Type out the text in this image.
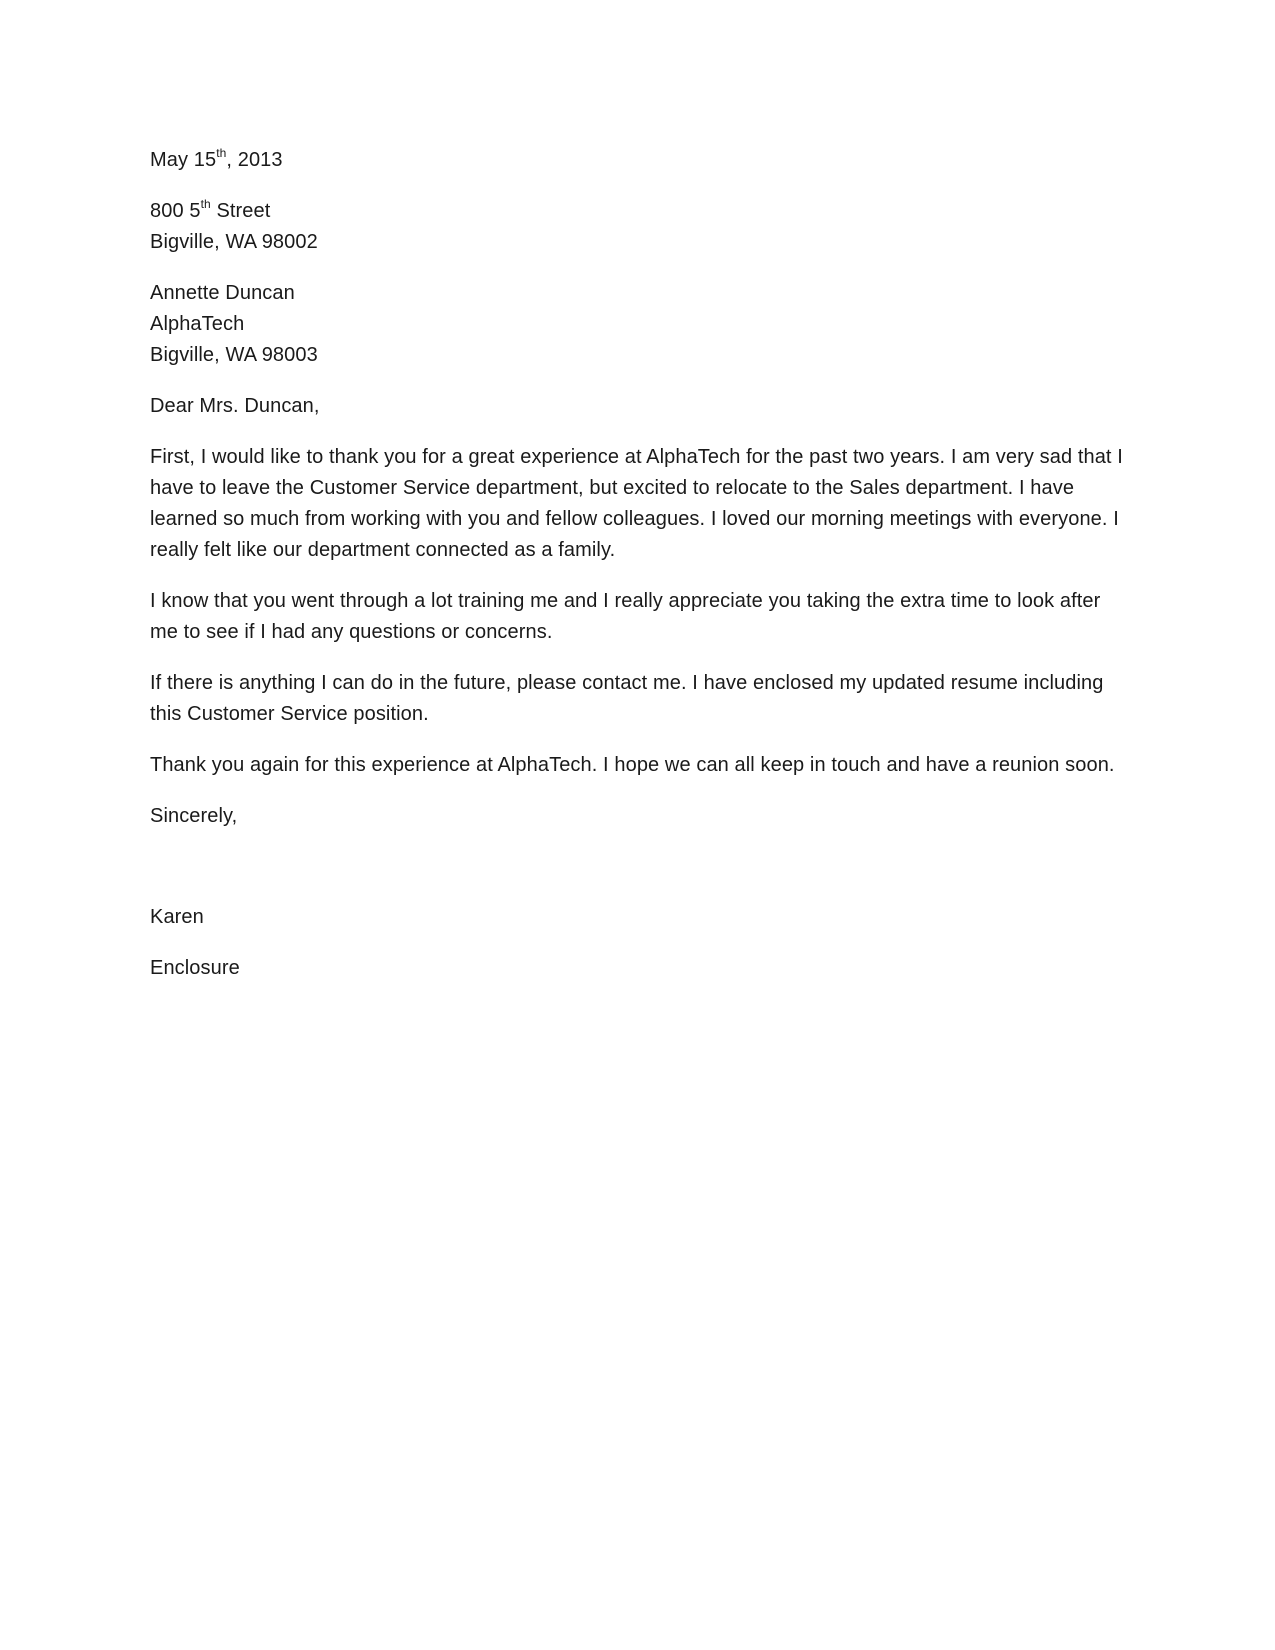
May 15th, 2013
800 5th Street
Bigville, WA 98002
Annette Duncan
AlphaTech
Bigville, WA 98003
Dear Mrs. Duncan,

First, I would like to thank you for a great experience at AlphaTech for the past two years. I am very sad that I have to leave the Customer Service department, but excited to relocate to the Sales department. I have learned so much from working with you and fellow colleagues. I loved our morning meetings with everyone. I really felt like our department connected as a family.

I know that you went through a lot training me and I really appreciate you taking the extra time to look after me to see if I had any questions or concerns.

If there is anything I can do in the future, please contact me. I have enclosed my updated resume including this Customer Service position.

Thank you again for this experience at AlphaTech. I hope we can all keep in touch and have a reunion soon.

Sincerely,
Karen
Enclosure
